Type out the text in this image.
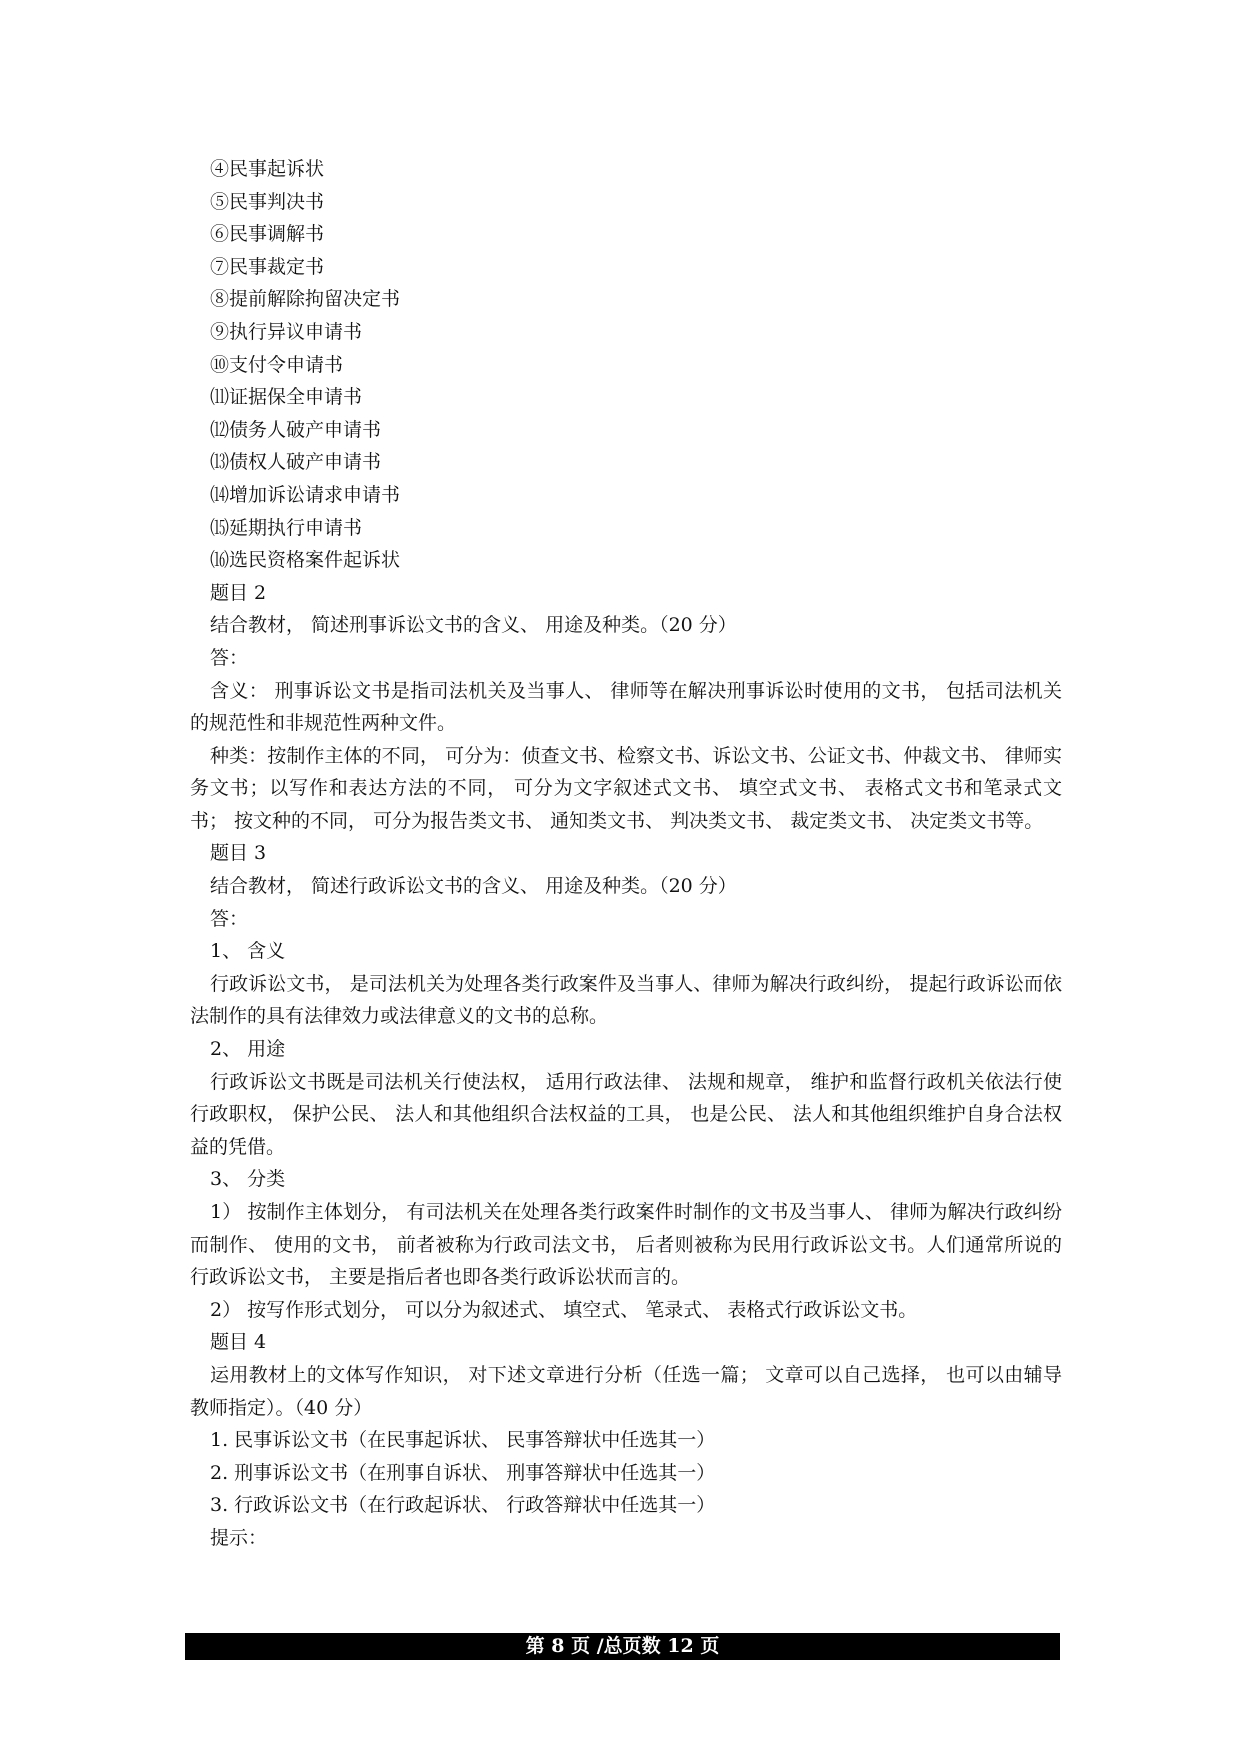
④民事起诉状
⑤民事判决书
⑥民事调解书
⑦民事裁定书
⑧提前解除拘留决定书
⑨执行异议申请书
⑩支付令申请书
⑾证据保全申请书
⑿债务人破产申请书
⒀债权人破产申请书
⒁增加诉讼请求申请书
⒂延期执行申请书
⒃选民资格案件起诉状
题目 2
结合教材， 简述刑事诉讼文书的含义、 用途及种类。（20 分）
答：
含义： 刑事诉讼文书是指司法机关及当事人、 律师等在解决刑事诉讼时使用的文书， 包括司法机关的规范性和非规范性两种文件。
种类：按制作主体的不同， 可分为：侦查文书、检察文书、诉讼文书、公证文书、仲裁文书、 律师实务文书；以写作和表达方法的不同， 可分为文字叙述式文书、 填空式文书、 表格式文书和笔录式文书； 按文种的不同， 可分为报告类文书、 通知类文书、 判决类文书、 裁定类文书、 决定类文书等。
题目 3
结合教材， 简述行政诉讼文书的含义、 用途及种类。（20 分）
答：
1、 含义
行政诉讼文书， 是司法机关为处理各类行政案件及当事人、律师为解决行政纠纷， 提起行政诉讼而依法制作的具有法律效力或法律意义的文书的总称。
2、 用途
行政诉讼文书既是司法机关行使法权， 适用行政法律、 法规和规章， 维护和监督行政机关依法行使行政职权， 保护公民、 法人和其他组织合法权益的工具， 也是公民、 法人和其他组织维护自身合法权益的凭借。
3、 分类
1） 按制作主体划分， 有司法机关在处理各类行政案件时制作的文书及当事人、 律师为解决行政纠纷而制作、 使用的文书， 前者被称为行政司法文书， 后者则被称为民用行政诉讼文书。人们通常所说的行政诉讼文书， 主要是指后者也即各类行政诉讼状而言的。
2） 按写作形式划分， 可以分为叙述式、 填空式、 笔录式、 表格式行政诉讼文书。
题目 4
运用教材上的文体写作知识， 对下述文章进行分析（任选一篇； 文章可以自己选择， 也可以由辅导教师指定）。（40 分）
1. 民事诉讼文书（在民事起诉状、 民事答辩状中任选其一）
2. 刑事诉讼文书（在刑事自诉状、 刑事答辩状中任选其一）
3. 行政诉讼文书（在行政起诉状、 行政答辩状中任选其一）
提示：
第 8 页 /总页数 12 页
